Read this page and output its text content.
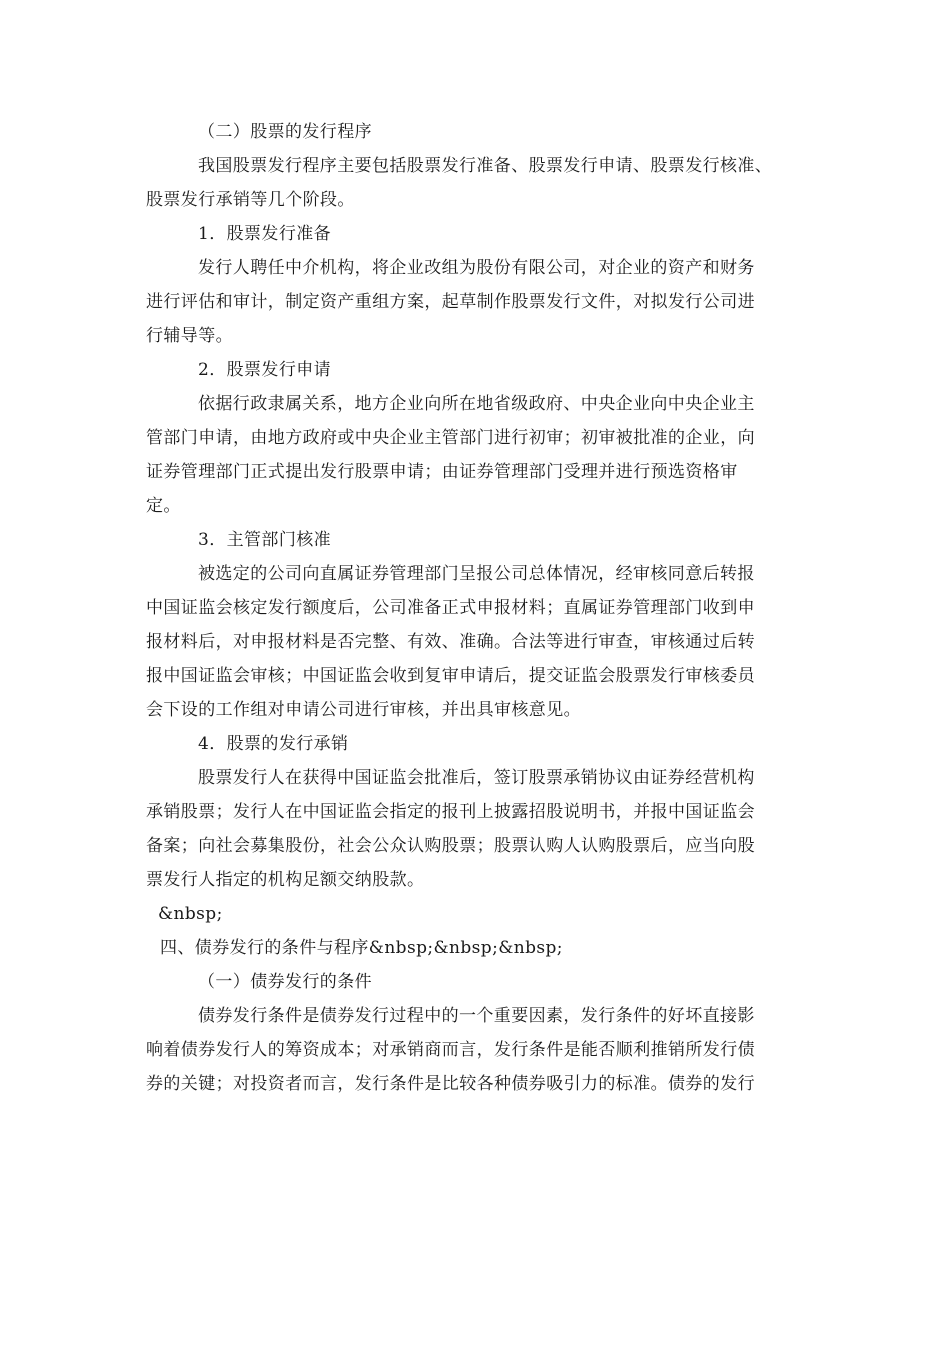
（二）股票的发行程序
我国股票发行程序主要包括股票发行准备、股票发行申请、股票发行核准、
股票发行承销等几个阶段。
1．股票发行准备
发行人聘任中介机构，将企业改组为股份有限公司，对企业的资产和财务
进行评估和审计，制定资产重组方案，起草制作股票发行文件，对拟发行公司进
行辅导等。
2．股票发行申请
依据行政隶属关系，地方企业向所在地省级政府、中央企业向中央企业主
管部门申请，由地方政府或中央企业主管部门进行初审；初审被批准的企业，向
证券管理部门正式提出发行股票申请；由证券管理部门受理并进行预选资格审
定。
3．主管部门核准
被选定的公司向直属证券管理部门呈报公司总体情况，经审核同意后转报
中国证监会核定发行额度后，公司准备正式申报材料；直属证券管理部门收到申
报材料后，对申报材料是否完整、有效、准确。合法等进行审查，审核通过后转
报中国证监会审核；中国证监会收到复审申请后，提交证监会股票发行审核委员
会下设的工作组对申请公司进行审核，并出具审核意见。
4．股票的发行承销
股票发行人在获得中国证监会批准后，签订股票承销协议由证券经营机构
承销股票；发行人在中国证监会指定的报刊上披露招股说明书，并报中国证监会
备案；向社会募集股份，社会公众认购股票；股票认购人认购股票后，应当向股
票发行人指定的机构足额交纳股款。
&nbsp;
四、债券发行的条件与程序&nbsp;&nbsp;&nbsp;
（一）债券发行的条件
债券发行条件是债券发行过程中的一个重要因素，发行条件的好坏直接影
响着债券发行人的筹资成本；对承销商而言，发行条件是能否顺利推销所发行债
券的关键；对投资者而言，发行条件是比较各种债券吸引力的标准。债券的发行
